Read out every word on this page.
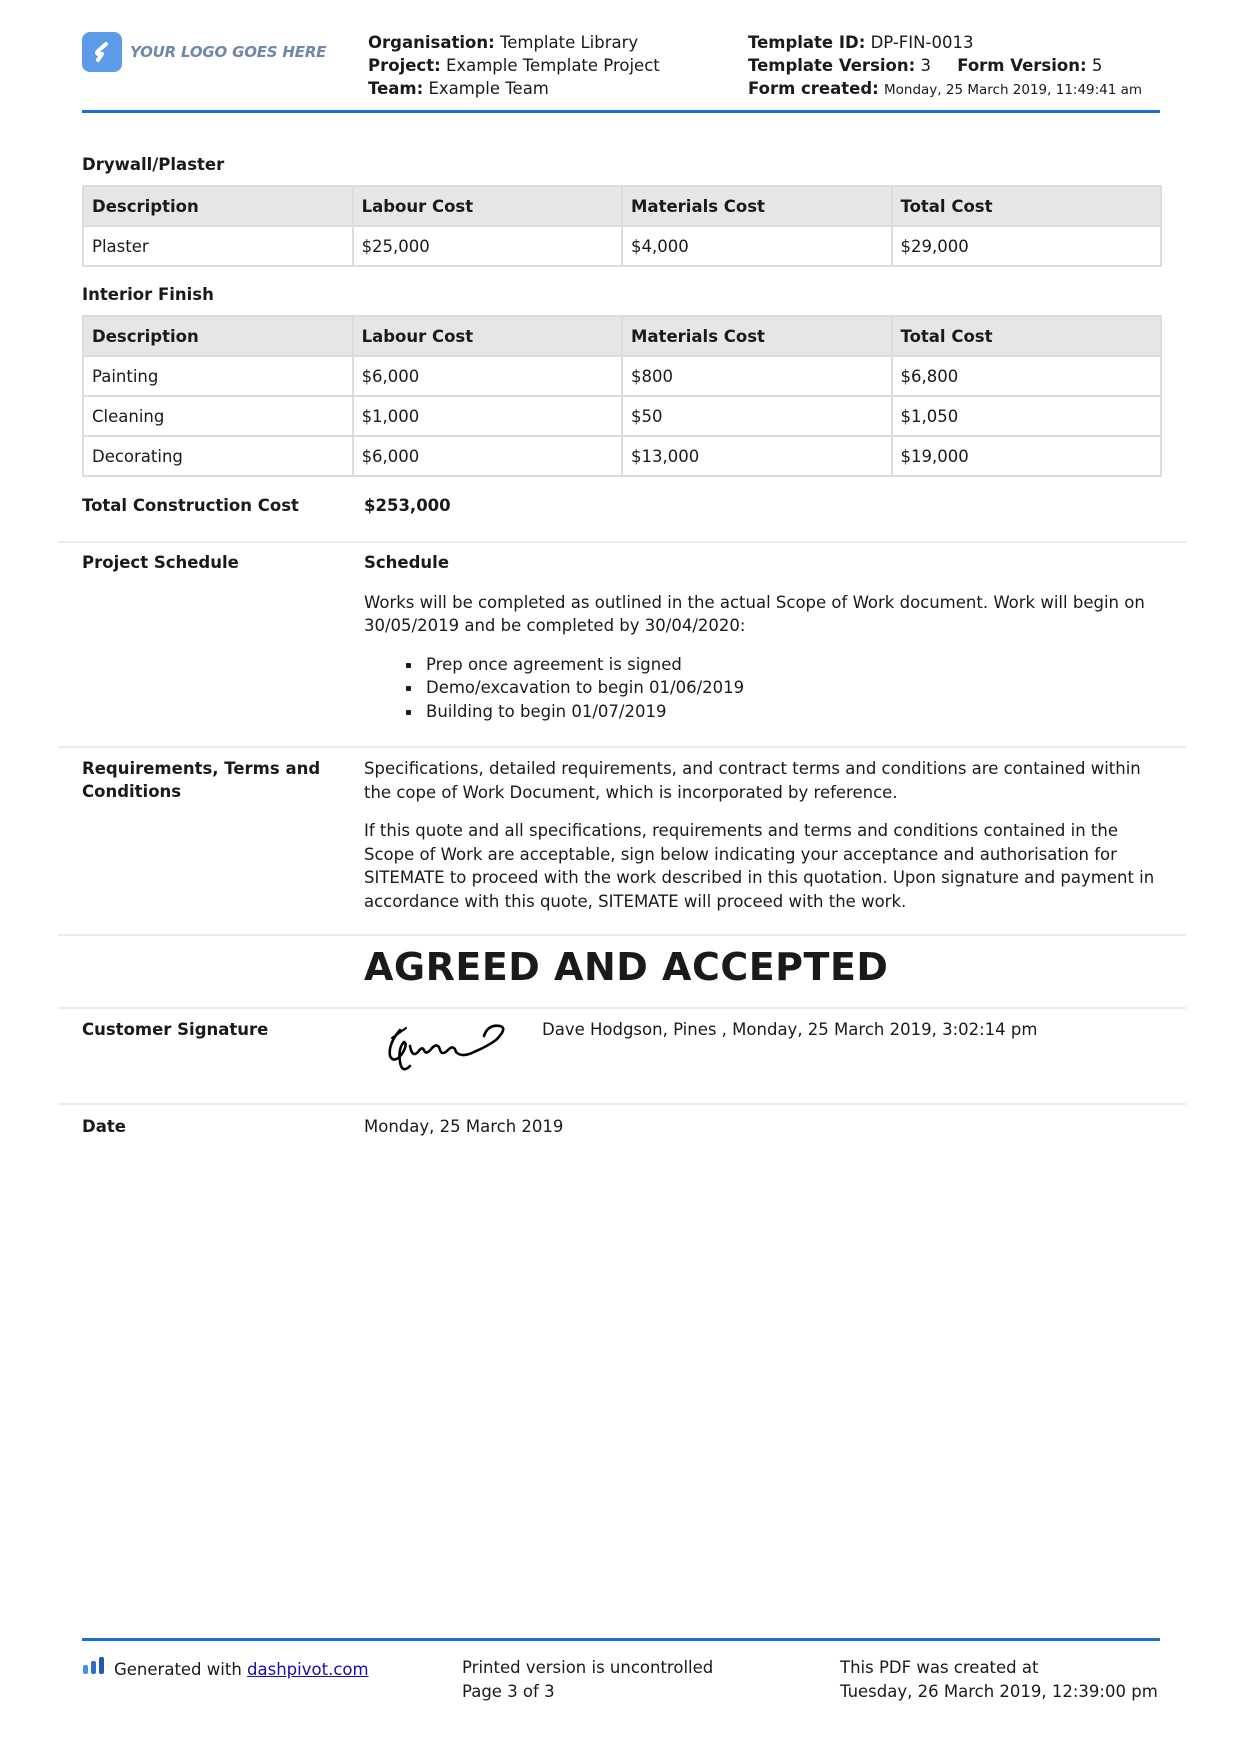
YOUR LOGO GOES HERE	Organisation: Template Library
Project: Example Template Project
Team: Example Team
Template ID: DP-FIN-0013
Template Version: 3 Form Version: 5
Form created: Monday, 25 March 2019, 11:49:41 am
Drywall/Plaster
Description	Labour Cost	Materials Cost	Total Cost
Plaster	$25,000	$4,000	$29,000
Interior Finish
Description	Labour Cost	Materials Cost	Total Cost
Painting	$6,000	$800	$6,800
Cleaning	$1,000	$50	$1,050
Decorating	$6,000	$13,000	$19,000
Total Construction Cost	$253,000
Project Schedule	Schedule

Works will be completed as outlined in the actual Scope of Work document. Work will begin on 30/05/2019 and be completed by 30/04/2020:

Prep once agreement is signed
Demo/excavation to begin 01/06/2019
Building to begin 01/07/2019
Requirements, Terms and Conditions

Specifications, detailed requirements, and contract terms and conditions are contained within the cope of Work Document, which is incorporated by reference.

If this quote and all specifications, requirements and terms and conditions contained in the Scope of Work are acceptable, sign below indicating your acceptance and authorisation for SITEMATE to proceed with the work described in this quotation. Upon signature and payment in accordance with this quote, SITEMATE will proceed with the work.

AGREED AND ACCEPTED
Customer Signature	Dave Hodgson, Pines , Monday, 25 March 2019, 3:02:14 pm
Date	Monday, 25 March 2019
Generated with
dashpivot.com	Printed version is uncontrolled
Page 3 of 3
This PDF was created at
Tuesday, 26 March 2019, 12:39:00 pm
